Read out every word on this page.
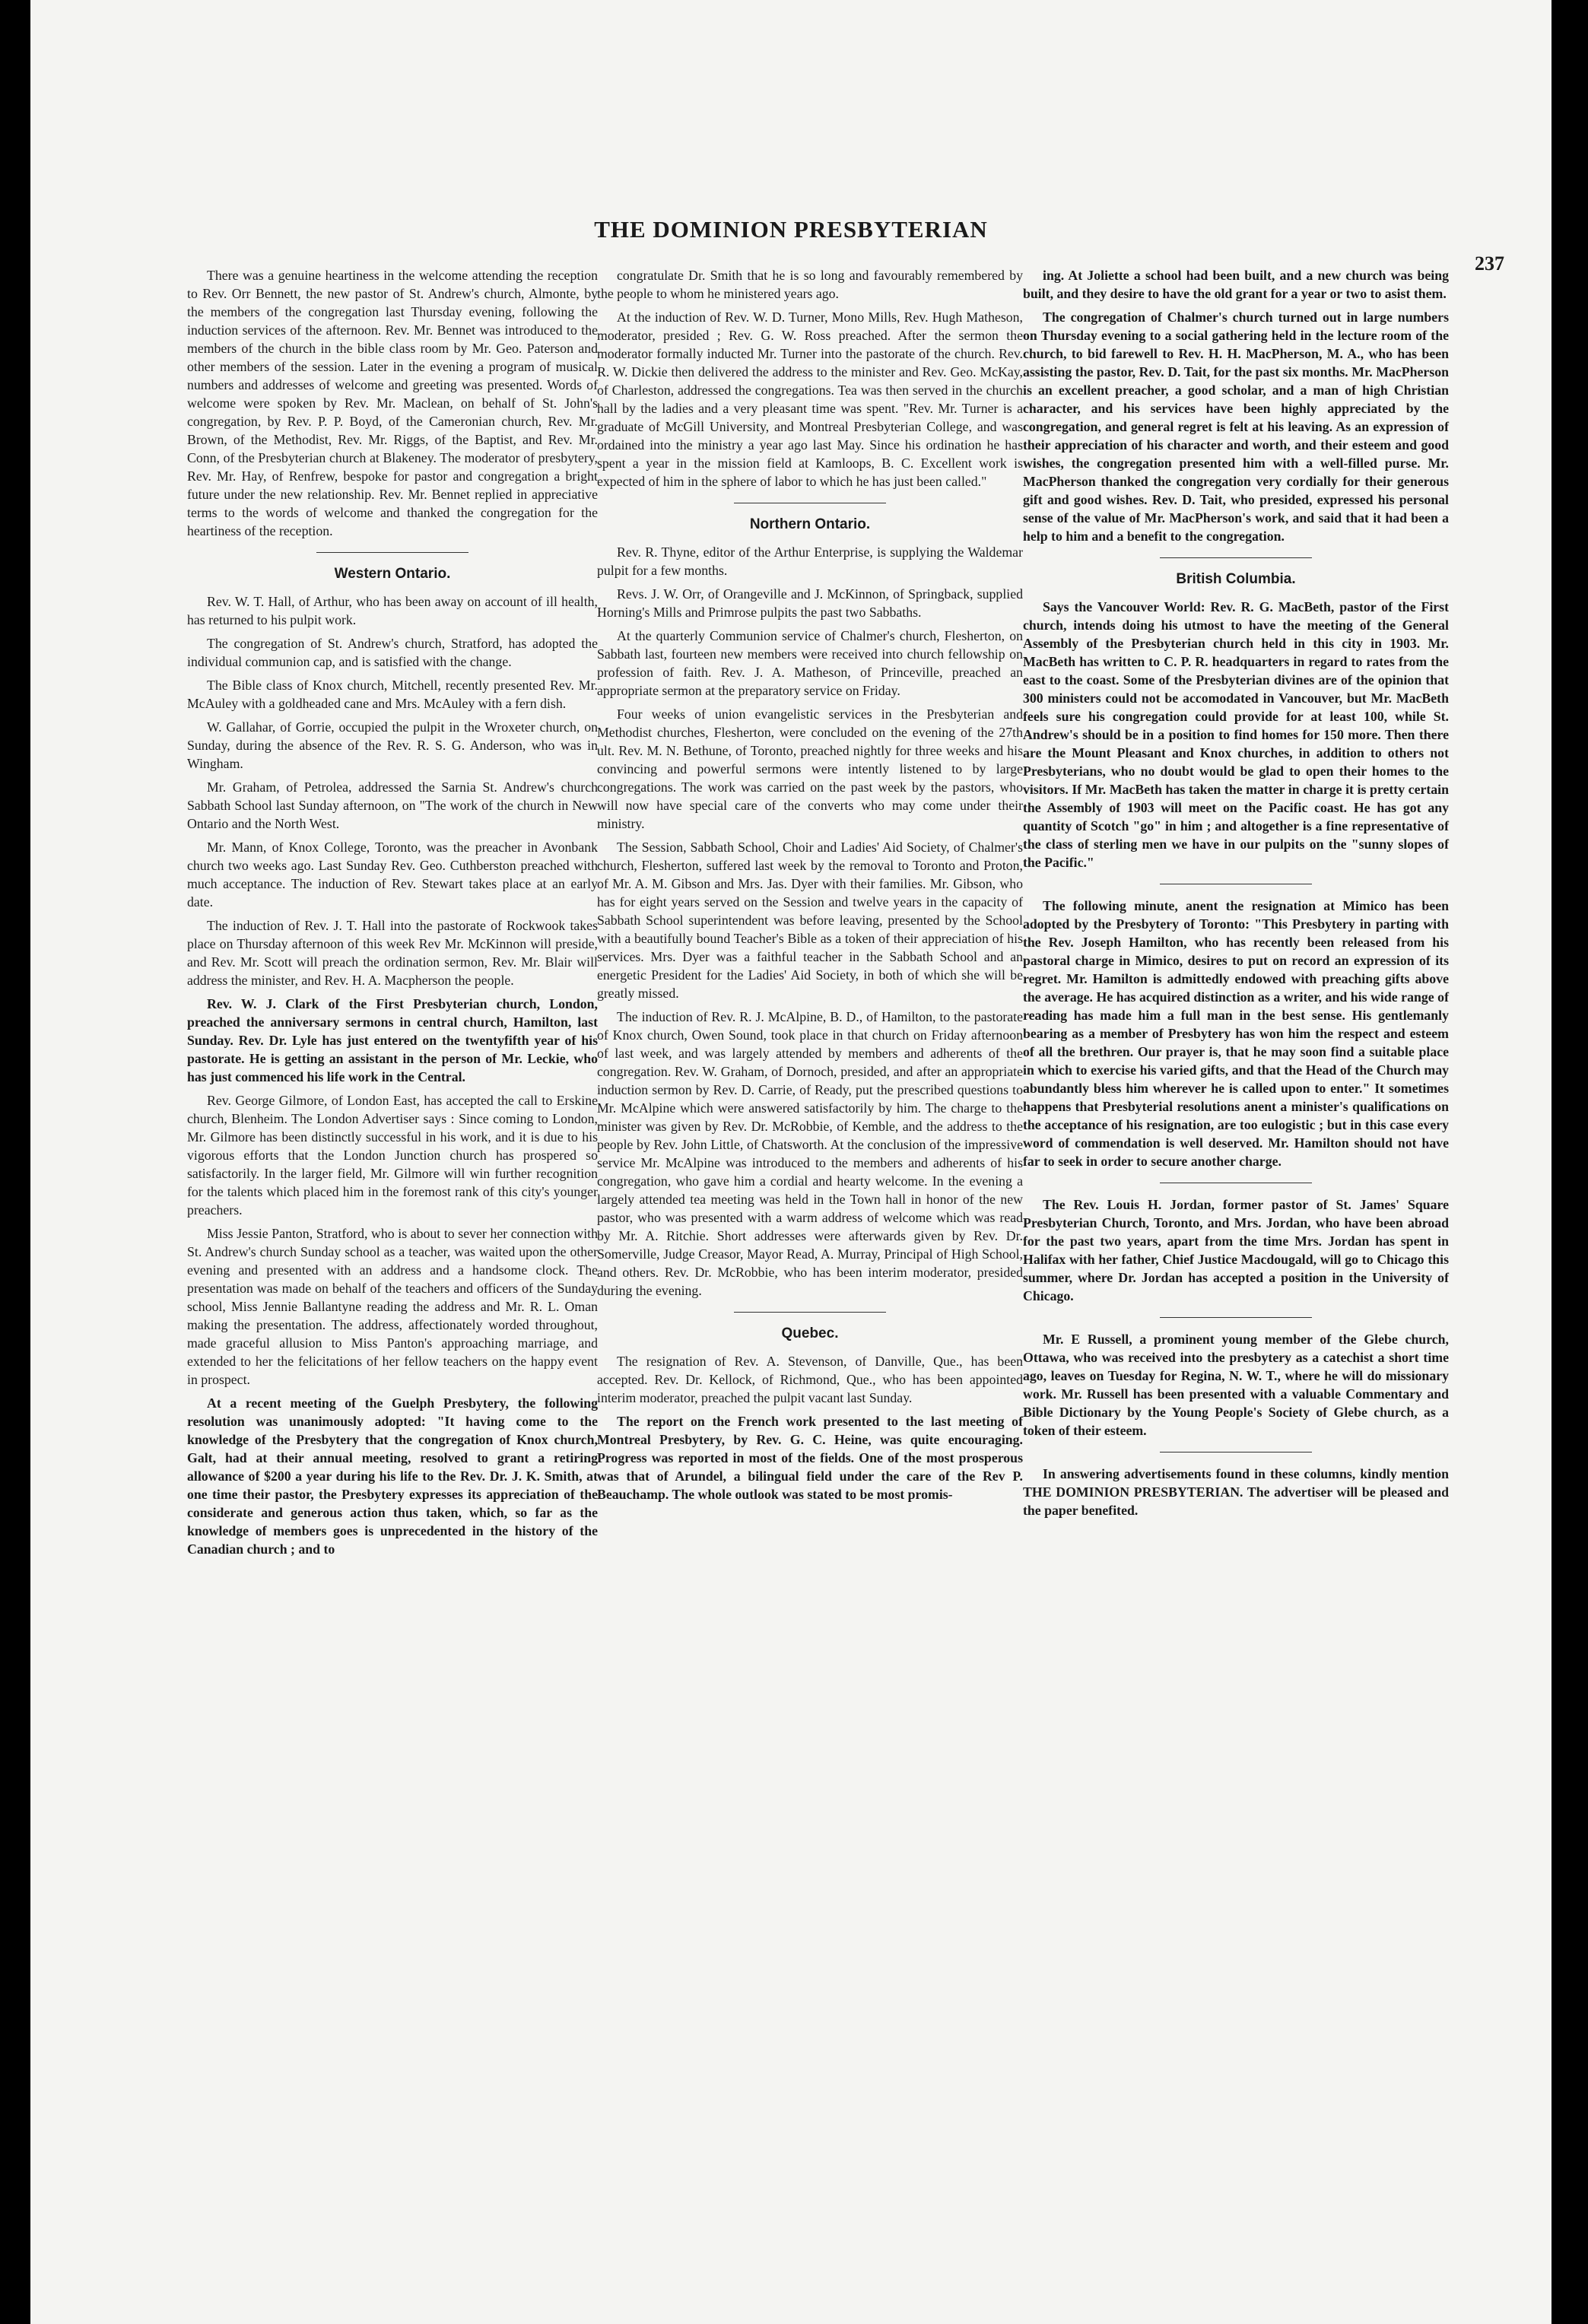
THE DOMINION PRESBYTERIAN
237

There was a genuine heartiness in the welcome attending the reception to Rev. Orr Bennett, the new pastor of St. Andrew's church, Almonte, by the members of the congregation last Thursday evening, following the induction services of the afternoon. Rev. Mr. Bennet was introduced to the members of the church in the bible class room by Mr. Geo. Paterson and other members of the session. Later in the evening a program of musical numbers and addresses of welcome and greeting was presented. Words of welcome were spoken by Rev. Mr. Maclean, on behalf of St. John's congregation, by Rev. P. P. Boyd, of the Cameronian church, Rev. Mr. Brown, of the Methodist, Rev. Mr. Riggs, of the Baptist, and Rev. Mr. Conn, of the Presbyterian church at Blakeney. The moderator of presbytery, Rev. Mr. Hay, of Renfrew, bespoke for pastor and congregation a bright future under the new relationship. Rev. Mr. Bennet replied in appreciative terms to the words of welcome and thanked the congregation for the heartiness of the reception.

Western Ontario.

Rev. W. T. Hall, of Arthur, who has been away on account of ill health, has returned to his pulpit work.

The congregation of St. Andrew's church, Stratford, has adopted the individual communion cap, and is satisfied with the change.

The Bible class of Knox church, Mitchell, recently presented Rev. Mr. McAuley with a goldheaded cane and Mrs. McAuley with a fern dish.

W. Gallahar, of Gorrie, occupied the pulpit in the Wroxeter church, on Sunday, during the absence of the Rev. R. S. G. Anderson, who was in Wingham.

Mr. Graham, of Petrolea, addressed the Sarnia St. Andrew's church Sabbath School last Sunday afternoon, on "The work of the church in New Ontario and the North West.

Mr. Mann, of Knox College, Toronto, was the preacher in Avonbank church two weeks ago. Last Sunday Rev. Geo. Cuthberston preached with much acceptance. The induction of Rev. Stewart takes place at an early date.

The induction of Rev. J. T. Hall into the pastorate of Rockwook takes place on Thursday afternoon of this week Rev Mr. McKinnon will preside, and Rev. Mr. Scott will preach the ordination sermon, Rev. Mr. Blair will address the minister, and Rev. H. A. Macpherson the people.

Rev. W. J. Clark of the First Presbyterian church, London, preached the anniversary sermons in central church, Hamilton, last Sunday. Rev. Dr. Lyle has just entered on the twentyfifth year of his pastorate. He is getting an assistant in the person of Mr. Leckie, who has just commenced his life work in the Central.

Rev. George Gilmore, of London East, has accepted the call to Erskine church, Blenheim. The London Advertiser says : Since coming to London, Mr. Gilmore has been distinctly successful in his work, and it is due to his vigorous efforts that the London Junction church has prospered so satisfactorily. In the larger field, Mr. Gilmore will win further recognition for the talents which placed him in the foremost rank of this city's younger preachers.

Miss Jessie Panton, Stratford, who is about to sever her connection with St. Andrew's church Sunday school as a teacher, was waited upon the other evening and presented with an address and a handsome clock. The presentation was made on behalf of the teachers and officers of the Sunday school, Miss Jennie Ballantyne reading the address and Mr. R. L. Oman making the presentation. The address, affectionately worded throughout, made graceful allusion to Miss Panton's approaching marriage, and extended to her the felicitations of her fellow teachers on the happy event in prospect.

At a recent meeting of the Guelph Presbytery, the following resolution was unanimously adopted: "It having come to the knowledge of the Presbytery that the congregation of Knox church, Galt, had at their annual meeting, resolved to grant a retiring allowance of $200 a year during his life to the Rev. Dr. J. K. Smith, at one time their pastor, the Presbytery expresses its appreciation of the considerate and generous action thus taken, which, so far as the knowledge of members goes is unprecedented in the history of the Canadian church ; and to

congratulate Dr. Smith that he is so long and favourably remembered by the people to whom he ministered years ago.

At the induction of Rev. W. D. Turner, Mono Mills, Rev. Hugh Matheson, moderator, presided ; Rev. G. W. Ross preached. After the sermon the moderator formally inducted Mr. Turner into the pastorate of the church. Rev. R. W. Dickie then delivered the address to the minister and Rev. Geo. McKay, of Charleston, addressed the congregations. Tea was then served in the church hall by the ladies and a very pleasant time was spent. "Rev. Mr. Turner is a graduate of McGill University, and Montreal Presbyterian College, and was ordained into the ministry a year ago last May. Since his ordination he has spent a year in the mission field at Kamloops, B. C. Excellent work is expected of him in the sphere of labor to which he has just been called."

Northern Ontario.

Rev. R. Thyne, editor of the Arthur Enterprise, is supplying the Waldemar pulpit for a few months.

Revs. J. W. Orr, of Orangeville and J. McKinnon, of Springback, supplied Horning's Mills and Primrose pulpits the past two Sabbaths.

At the quarterly Communion service of Chalmer's church, Flesherton, on Sabbath last, fourteen new members were received into church fellowship on profession of faith. Rev. J. A. Matheson, of Princeville, preached an appropriate sermon at the preparatory service on Friday.

Four weeks of union evangelistic services in the Presbyterian and Methodist churches, Flesherton, were concluded on the evening of the 27th ult. Rev. M. N. Bethune, of Toronto, preached nightly for three weeks and his convincing and powerful sermons were intently listened to by large congregations. The work was carried on the past week by the pastors, who will now have special care of the converts who may come under their ministry.

The Session, Sabbath School, Choir and Ladies' Aid Society, of Chalmer's church, Flesherton, suffered last week by the removal to Toronto and Proton, of Mr. A. M. Gibson and Mrs. Jas. Dyer with their families. Mr. Gibson, who has for eight years served on the Session and twelve years in the capacity of Sabbath School superintendent was before leaving, presented by the School with a beautifully bound Teacher's Bible as a token of their appreciation of his services. Mrs. Dyer was a faithful teacher in the Sabbath School and an energetic President for the Ladies' Aid Society, in both of which she will be greatly missed.

The induction of Rev. R. J. McAlpine, B. D., of Hamilton, to the pastorate of Knox church, Owen Sound, took place in that church on Friday afternoon of last week, and was largely attended by members and adherents of the congregation. Rev. W. Graham, of Dornoch, presided, and after an appropriate induction sermon by Rev. D. Carrie, of Ready, put the prescribed questions to Mr. McAlpine which were answered satisfactorily by him. The charge to the minister was given by Rev. Dr. McRobbie, of Kemble, and the address to the people by Rev. John Little, of Chatsworth. At the conclusion of the impressive service Mr. McAlpine was introduced to the members and adherents of his congregation, who gave him a cordial and hearty welcome. In the evening a largely attended tea meeting was held in the Town hall in honor of the new pastor, who was presented with a warm address of welcome which was read by Mr. A. Ritchie. Short addresses were afterwards given by Rev. Dr. Somerville, Judge Creasor, Mayor Read, A. Murray, Principal of High School, and others. Rev. Dr. McRobbie, who has been interim moderator, presided during the evening.

Quebec.

The resignation of Rev. A. Stevenson, of Danville, Que., has been accepted. Rev. Dr. Kellock, of Richmond, Que., who has been appointed interim moderator, preached the pulpit vacant last Sunday.

The report on the French work presented to the last meeting of Montreal Presbytery, by Rev. G. C. Heine, was quite encouraging. Progress was reported in most of the fields. One of the most prosperous was that of Arundel, a bilingual field under the care of the Rev P. Beauchamp. The whole outlook was stated to be most promis-

ing. At Joliette a school had been built, and a new church was being built, and they desire to have the old grant for a year or two to asist them.

The congregation of Chalmer's church turned out in large numbers on Thursday evening to a social gathering held in the lecture room of the church, to bid farewell to Rev. H. H. MacPherson, M. A., who has been assisting the pastor, Rev. D. Tait, for the past six months. Mr. MacPherson is an excellent preacher, a good scholar, and a man of high Christian character, and his services have been highly appreciated by the congregation, and general regret is felt at his leaving. As an expression of their appreciation of his character and worth, and their esteem and good wishes, the congregation presented him with a well-filled purse. Mr. MacPherson thanked the congregation very cordially for their generous gift and good wishes. Rev. D. Tait, who presided, expressed his personal sense of the value of Mr. MacPherson's work, and said that it had been a help to him and a benefit to the congregation.

British Columbia.

Says the Vancouver World: Rev. R. G. MacBeth, pastor of the First church, intends doing his utmost to have the meeting of the General Assembly of the Presbyterian church held in this city in 1903. Mr. MacBeth has written to C. P. R. headquarters in regard to rates from the east to the coast. Some of the Presbyterian divines are of the opinion that 300 ministers could not be accomodated in Vancouver, but Mr. MacBeth feels sure his congregation could provide for at least 100, while St. Andrew's should be in a position to find homes for 150 more. Then there are the Mount Pleasant and Knox churches, in addition to others not Presbyterians, who no doubt would be glad to open their homes to the visitors. If Mr. MacBeth has taken the matter in charge it is pretty certain the Assembly of 1903 will meet on the Pacific coast. He has got any quantity of Scotch "go" in him ; and altogether is a fine representative of the class of sterling men we have in our pulpits on the "sunny slopes of the Pacific."

The following minute, anent the resignation at Mimico has been adopted by the Presbytery of Toronto: "This Presbytery in parting with the Rev. Joseph Hamilton, who has recently been released from his pastoral charge in Mimico, desires to put on record an expression of its regret. Mr. Hamilton is admittedly endowed with preaching gifts above the average. He has acquired distinction as a writer, and his wide range of reading has made him a full man in the best sense. His gentlemanly bearing as a member of Presbytery has won him the respect and esteem of all the brethren. Our prayer is, that he may soon find a suitable place in which to exercise his varied gifts, and that the Head of the Church may abundantly bless him wherever he is called upon to enter." It sometimes happens that Presbyterial resolutions anent a minister's qualifications on the acceptance of his resignation, are too eulogistic ; but in this case every word of commendation is well deserved. Mr. Hamilton should not have far to seek in order to secure another charge.

The Rev. Louis H. Jordan, former pastor of St. James' Square Presbyterian Church, Toronto, and Mrs. Jordan, who have been abroad for the past two years, apart from the time Mrs. Jordan has spent in Halifax with her father, Chief Justice Macdougald, will go to Chicago this summer, where Dr. Jordan has accepted a position in the University of Chicago.

Mr. E Russell, a prominent young member of the Glebe church, Ottawa, who was received into the presbytery as a catechist a short time ago, leaves on Tuesday for Regina, N. W. T., where he will do missionary work. Mr. Russell has been presented with a valuable Commentary and Bible Dictionary by the Young People's Society of Glebe church, as a token of their esteem.

In answering advertisements found in these columns, kindly mention THE DOMINION PRESBYTERIAN. The advertiser will be pleased and the paper benefited.
